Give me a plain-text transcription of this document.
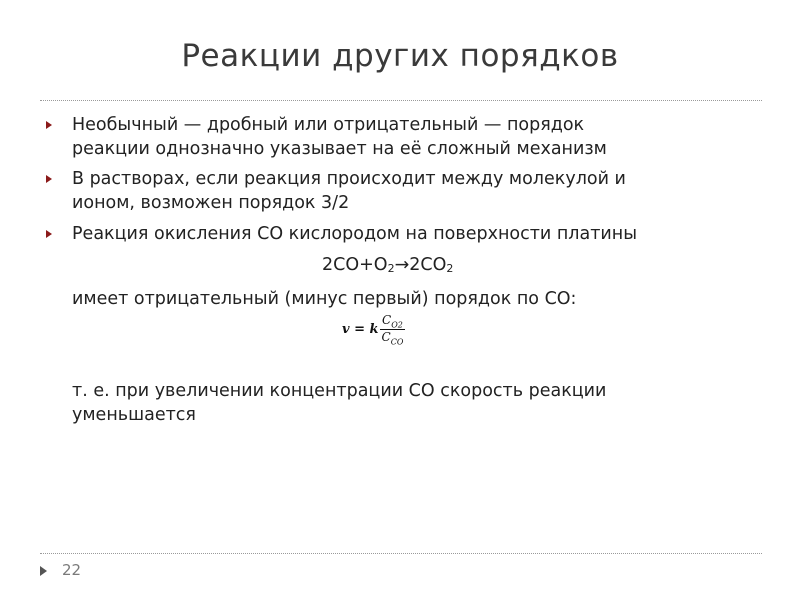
Реакции других порядков
Необычный — дробный или отрицательный — порядок
реакции однозначно указывает на её сложный механизм
В растворах, если реакция происходит между молекулой и
ионом, возможен порядок 3/2
Реакция окисления СО кислородом на поверхности платины
$2CO+O_2\to 2CO_2$
имеет отрицательный (минус первый) порядок по СО:
v = k $\frac{C_{O2}}{C_{CO}}$
т. е. при увеличении концентрации СО скорость реакции
уменьшается
22
